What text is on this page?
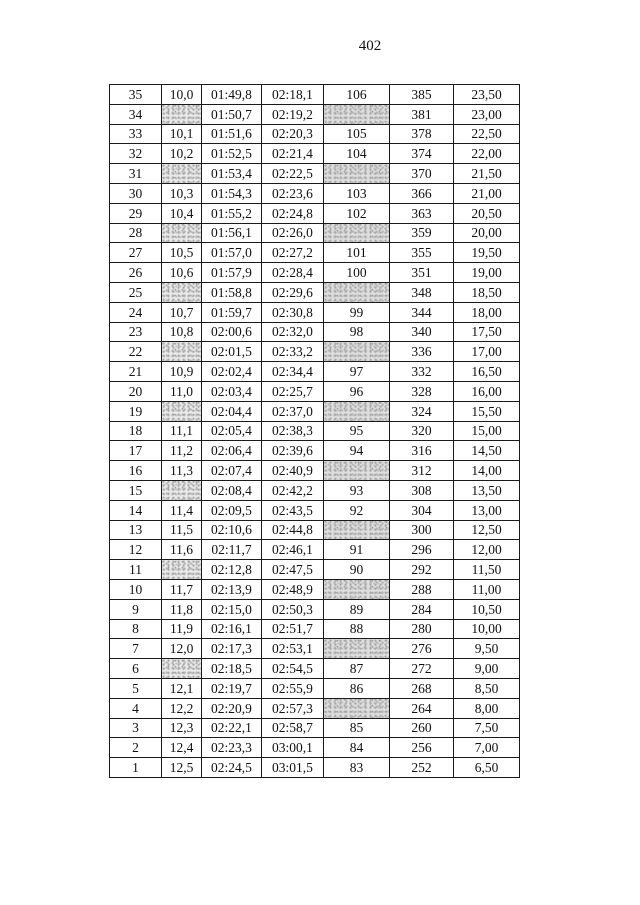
402
35	10,0	01:49,8	02:18,1	106	385	23,50
34		01:50,7	02:19,2		381	23,00
33	10,1	01:51,6	02:20,3	105	378	22,50
32	10,2	01:52,5	02:21,4	104	374	22,00
31		01:53,4	02:22,5		370	21,50
30	10,3	01:54,3	02:23,6	103	366	21,00
29	10,4	01:55,2	02:24,8	102	363	20,50
28		01:56,1	02:26,0		359	20,00
27	10,5	01:57,0	02:27,2	101	355	19,50
26	10,6	01:57,9	02:28,4	100	351	19,00
25		01:58,8	02:29,6		348	18,50
24	10,7	01:59,7	02:30,8	99	344	18,00
23	10,8	02:00,6	02:32,0	98	340	17,50
22		02:01,5	02:33,2		336	17,00
21	10,9	02:02,4	02:34,4	97	332	16,50
20	11,0	02:03,4	02:25,7	96	328	16,00
19		02:04,4	02:37,0		324	15,50
18	11,1	02:05,4	02:38,3	95	320	15,00
17	11,2	02:06,4	02:39,6	94	316	14,50
16	11,3	02:07,4	02:40,9		312	14,00
15		02:08,4	02:42,2	93	308	13,50
14	11,4	02:09,5	02:43,5	92	304	13,00
13	11,5	02:10,6	02:44,8		300	12,50
12	11,6	02:11,7	02:46,1	91	296	12,00
11		02:12,8	02:47,5	90	292	11,50
10	11,7	02:13,9	02:48,9		288	11,00
9	11,8	02:15,0	02:50,3	89	284	10,50
8	11,9	02:16,1	02:51,7	88	280	10,00
7	12,0	02:17,3	02:53,1		276	9,50
6		02:18,5	02:54,5	87	272	9,00
5	12,1	02:19,7	02:55,9	86	268	8,50
4	12,2	02:20,9	02:57,3		264	8,00
3	12,3	02:22,1	02:58,7	85	260	7,50
2	12,4	02:23,3	03:00,1	84	256	7,00
1	12,5	02:24,5	03:01,5	83	252	6,50
